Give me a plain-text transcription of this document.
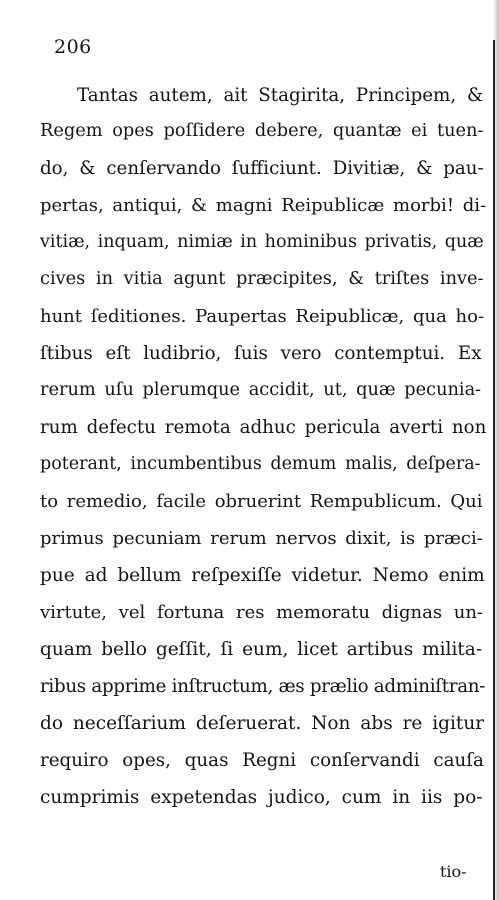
206
Tantas autem, ait Stagirita, Principem, &
Regem opes poſſidere debere, quantæ ei tuen-
do, & cenſervando ſufficiunt. Divitiæ, & pau-
pertas, antiqui, & magni Reipublicæ morbi! di-
vitiæ, inquam, nimiæ in hominibus privatis, quæ
cives in vitia agunt præcipites, & triſtes inve-
hunt ſeditiones. Paupertas Reipublicæ, qua ho-
ſtibus eſt ludibrio, ſuis vero contemptui. Ex
rerum uſu plerumque accidit, ut, quæ pecunia-
rum defectu remota adhuc pericula averti non
poterant, incumbentibus demum malis, deſpera-
to remedio, facile obruerint Rempublicum. Qui
primus pecuniam rerum nervos dixit, is præci-
pue ad bellum reſpexiſſe videtur. Nemo enim
virtute, vel fortuna res memoratu dignas un-
quam bello geſſit, ſi eum, licet artibus milita-
ribus apprime inſtructum, æs prælio adminiſtran-
do neceſſarium deſeruerat. Non abs re igitur
requiro opes, quas Regni conſervandi cauſa
cumprimis expetendas judico, cum in iis po-
tio-
